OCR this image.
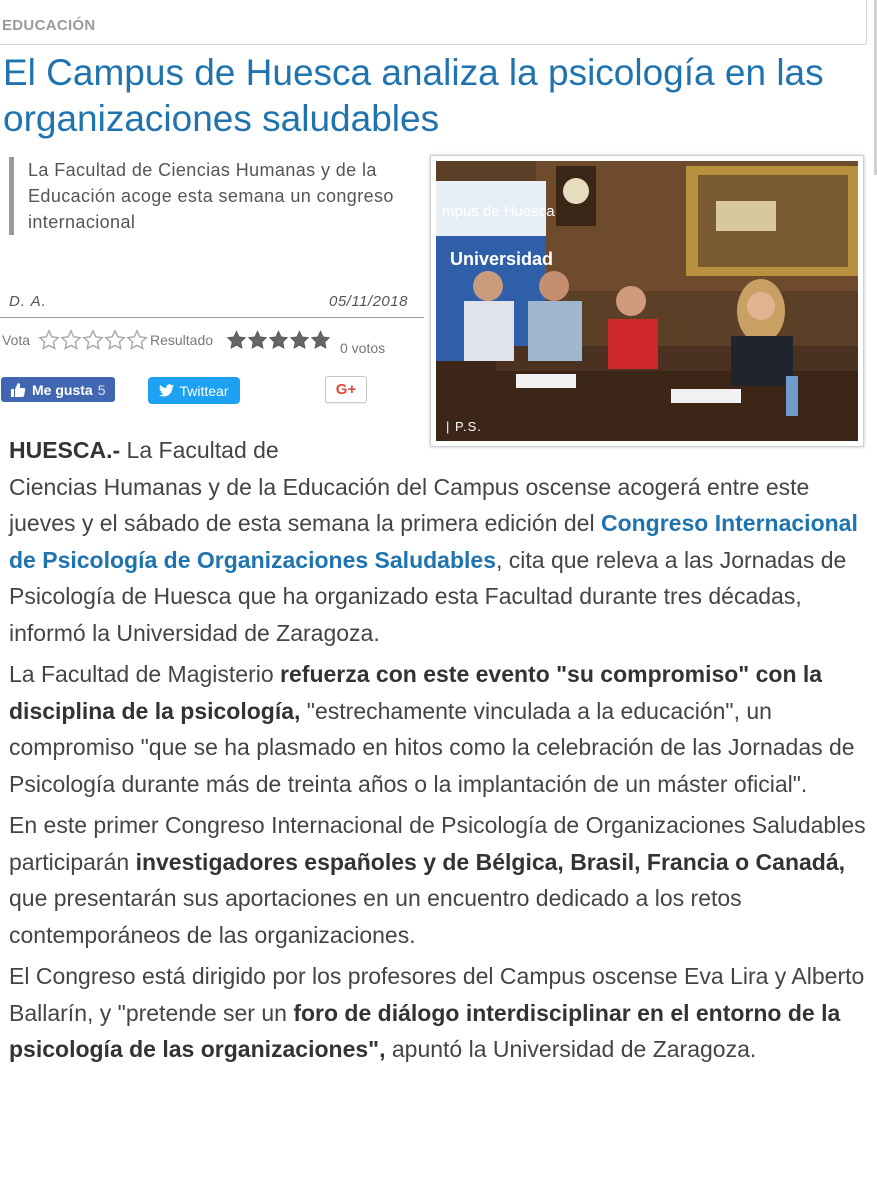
EDUCACIÓN
El Campus de Huesca analiza la psicología en las organizaciones saludables
La Facultad de Ciencias Humanas y de la Educación acoge esta semana un congreso internacional
D. A.	05/11/2018
Vota	Resultado	0 votos
Me gusta 5	Twittear	G+
mpus de Huesca
Universidad
| P.S.

HUESCA.- La Facultad de
Ciencias Humanas y de la Educación del Campus oscense acogerá entre este jueves y el sábado de esta semana la primera edición del Congreso Internacional de Psicología de Organizaciones Saludables, cita que releva a las Jornadas de Psicología de Huesca que ha organizado esta Facultad durante tres décadas, informó la Universidad de Zaragoza.

La Facultad de Magisterio refuerza con este evento "su compromiso" con la disciplina de la psicología, "estrechamente vinculada a la educación", un compromiso "que se ha plasmado en hitos como la celebración de las Jornadas de Psicología durante más de treinta años o la implantación de un máster oficial".

En este primer Congreso Internacional de Psicología de Organizaciones Saludables participarán investigadores españoles y de Bélgica, Brasil, Francia o Canadá, que presentarán sus aportaciones en un encuentro dedicado a los retos contemporáneos de las organizaciones.

El Congreso está dirigido por los profesores del Campus oscense Eva Lira y Alberto Ballarín, y "pretende ser un foro de diálogo interdisciplinar en el entorno de la psicología de las organizaciones", apuntó la Universidad de Zaragoza.
